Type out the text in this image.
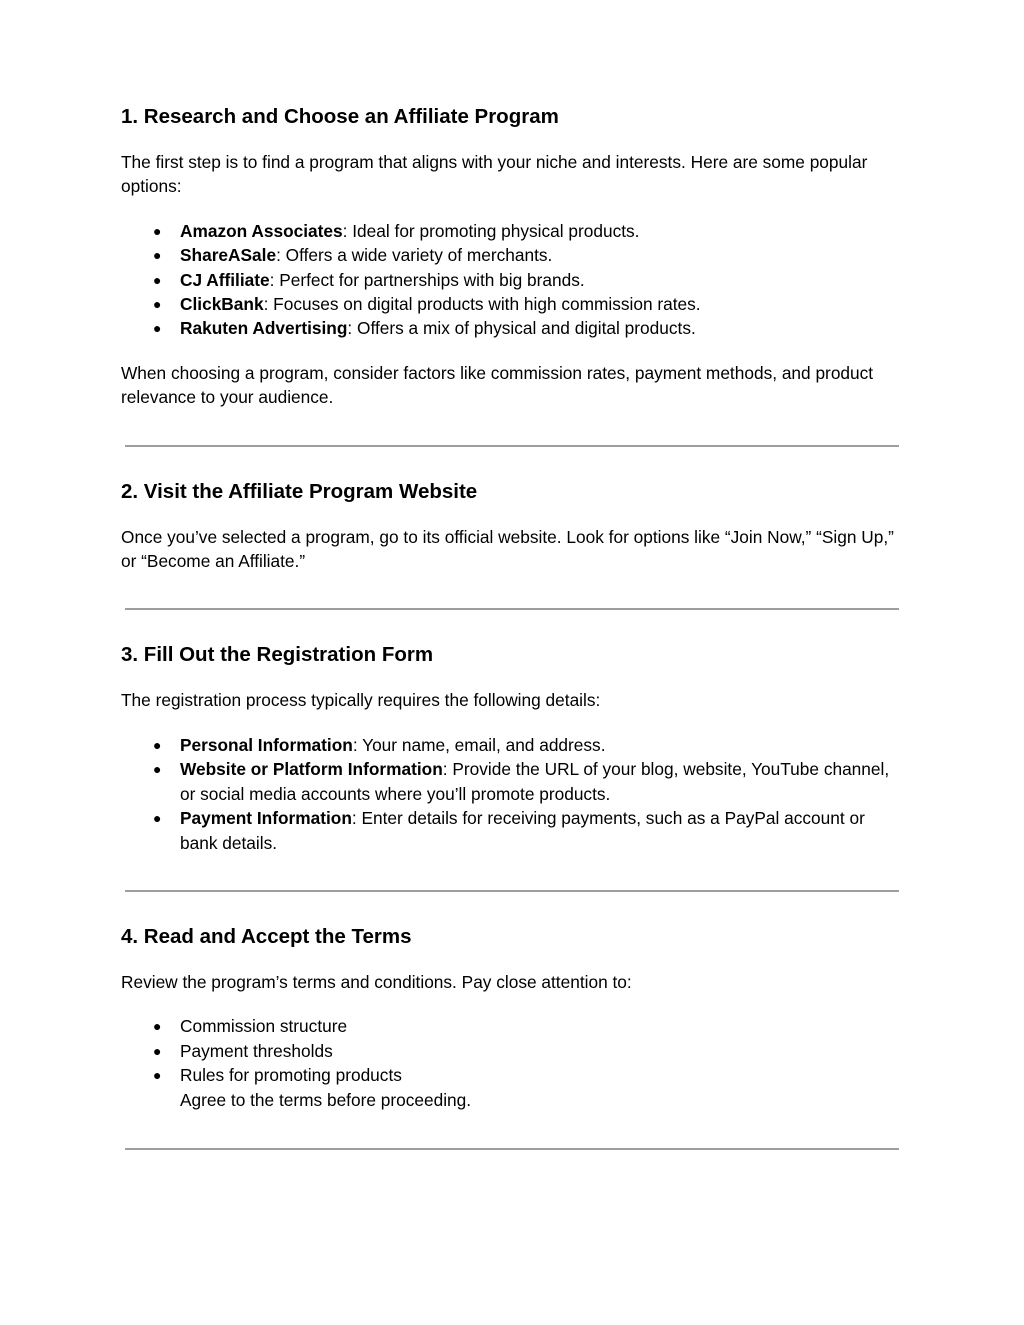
1. Research and Choose an Affiliate Program

The first step is to find a program that aligns with your niche and interests. Here are some popular options:

● Amazon Associates: Ideal for promoting physical products.
● ShareASale: Offers a wide variety of merchants.
● CJ Affiliate: Perfect for partnerships with big brands.
● ClickBank: Focuses on digital products with high commission rates.
● Rakuten Advertising: Offers a mix of physical and digital products.

When choosing a program, consider factors like commission rates, payment methods, and product relevance to your audience.

2. Visit the Affiliate Program Website

Once you’ve selected a program, go to its official website. Look for options like “Join Now,” “Sign Up,” or “Become an Affiliate.”

3. Fill Out the Registration Form

The registration process typically requires the following details:

● Personal Information: Your name, email, and address.
● Website or Platform Information: Provide the URL of your blog, website, YouTube channel, or social media accounts where you’ll promote products.
● Payment Information: Enter details for receiving payments, such as a PayPal account or bank details.
4. Read and Accept the Terms

Review the program’s terms and conditions. Pay close attention to:

● Commission structure
● Payment thresholds
● Rules for promoting products
Agree to the terms before proceeding.
